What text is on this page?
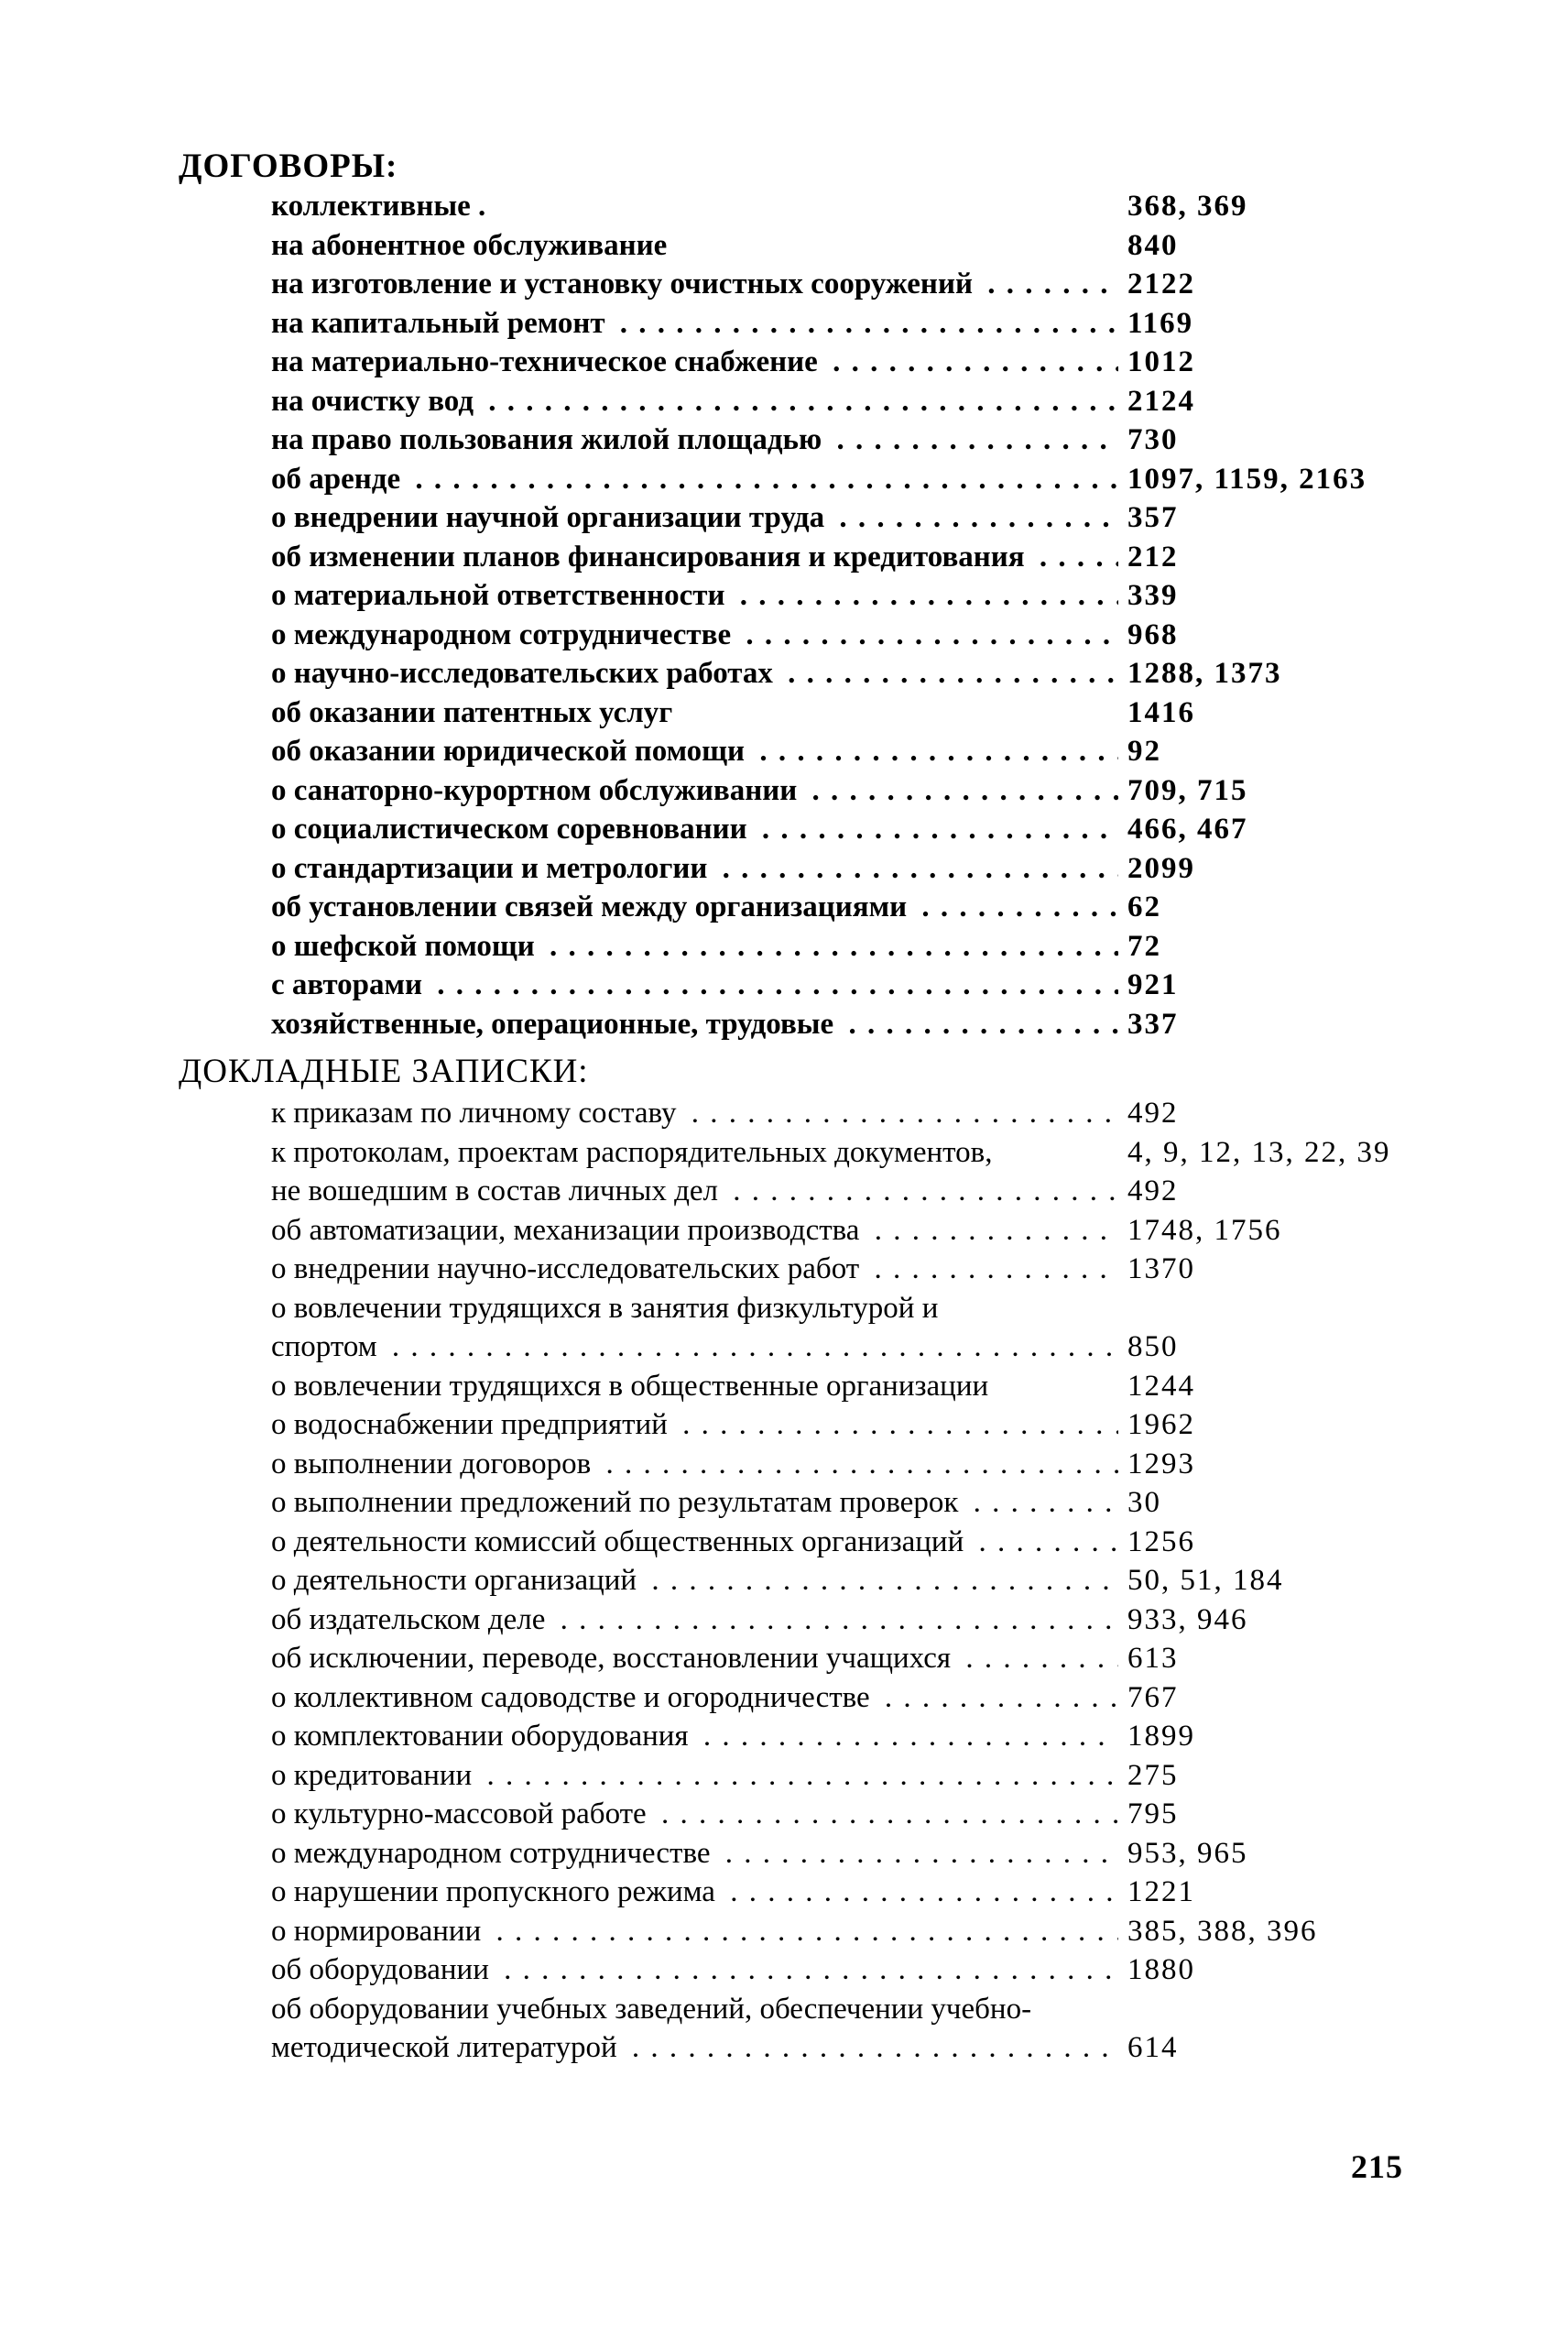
ДОГОВОРЫ:
коллективные .	368, 369
на абонентное обслуживание	840
на изготовление и установку очистных сооружений . . .	2122
на капитальный ремонт . . .	1169
на материально-техническое снабжение . . .	1012
на очистку вод . . .	2124
на право пользования жилой площадью . . .	730
об аренде . . .	1097, 1159, 2163
о внедрении научной организации труда . . .	357
об изменении планов финансирования и кредитования . . .	212
о материальной ответственности . . .	339
о международном сотрудничестве . . .	968
о научно-исследовательских работах . . .	1288, 1373
об оказании патентных услуг	1416
об оказании юридической помощи . . .	92
о санаторно-курортном обслуживании . . .	709, 715
о социалистическом соревновании . . .	466, 467
о стандартизации и метрологии . . .	2099
об установлении связей между организациями . . .	62
о шефской помощи . . .	72
с авторами . . .	921
хозяйственные, операционные, трудовые . . .	337
ДОКЛАДНЫЕ ЗАПИСКИ:
к приказам по личному составу . . .	492
к протоколам, проектам распорядительных документов,	4, 9, 12, 13, 22, 39
не вошедшим в состав личных дел . . .	492
об автоматизации, механизации производства . . .	1748, 1756
о внедрении научно-исследовательских работ . . .	1370
о вовлечении трудящихся в занятия физкультурой и
спортом . . .	850
о вовлечении трудящихся в общественные организации	1244
о водоснабжении предприятий . . .	1962
о выполнении договоров . . .	1293
о выполнении предложений по результатам проверок . . .	30
о деятельности комиссий общественных организаций . . .	1256
о деятельности организаций . . .	50, 51, 184
об издательском деле . . .	933, 946
об исключении, переводе, восстановлении учащихся . . .	613
о коллективном садоводстве и огородничестве . . .	767
о комплектовании оборудования . . .	1899
о кредитовании . . .	275
о культурно-массовой работе . . .	795
о международном сотрудничестве . . .	953, 965
о нарушении пропускного режима . . .	1221
о нормировании . . .	385, 388, 396
об оборудовании . . .	1880
об оборудовании учебных заведений, обеспечении учебно-
методической литературой . . .	614
215
